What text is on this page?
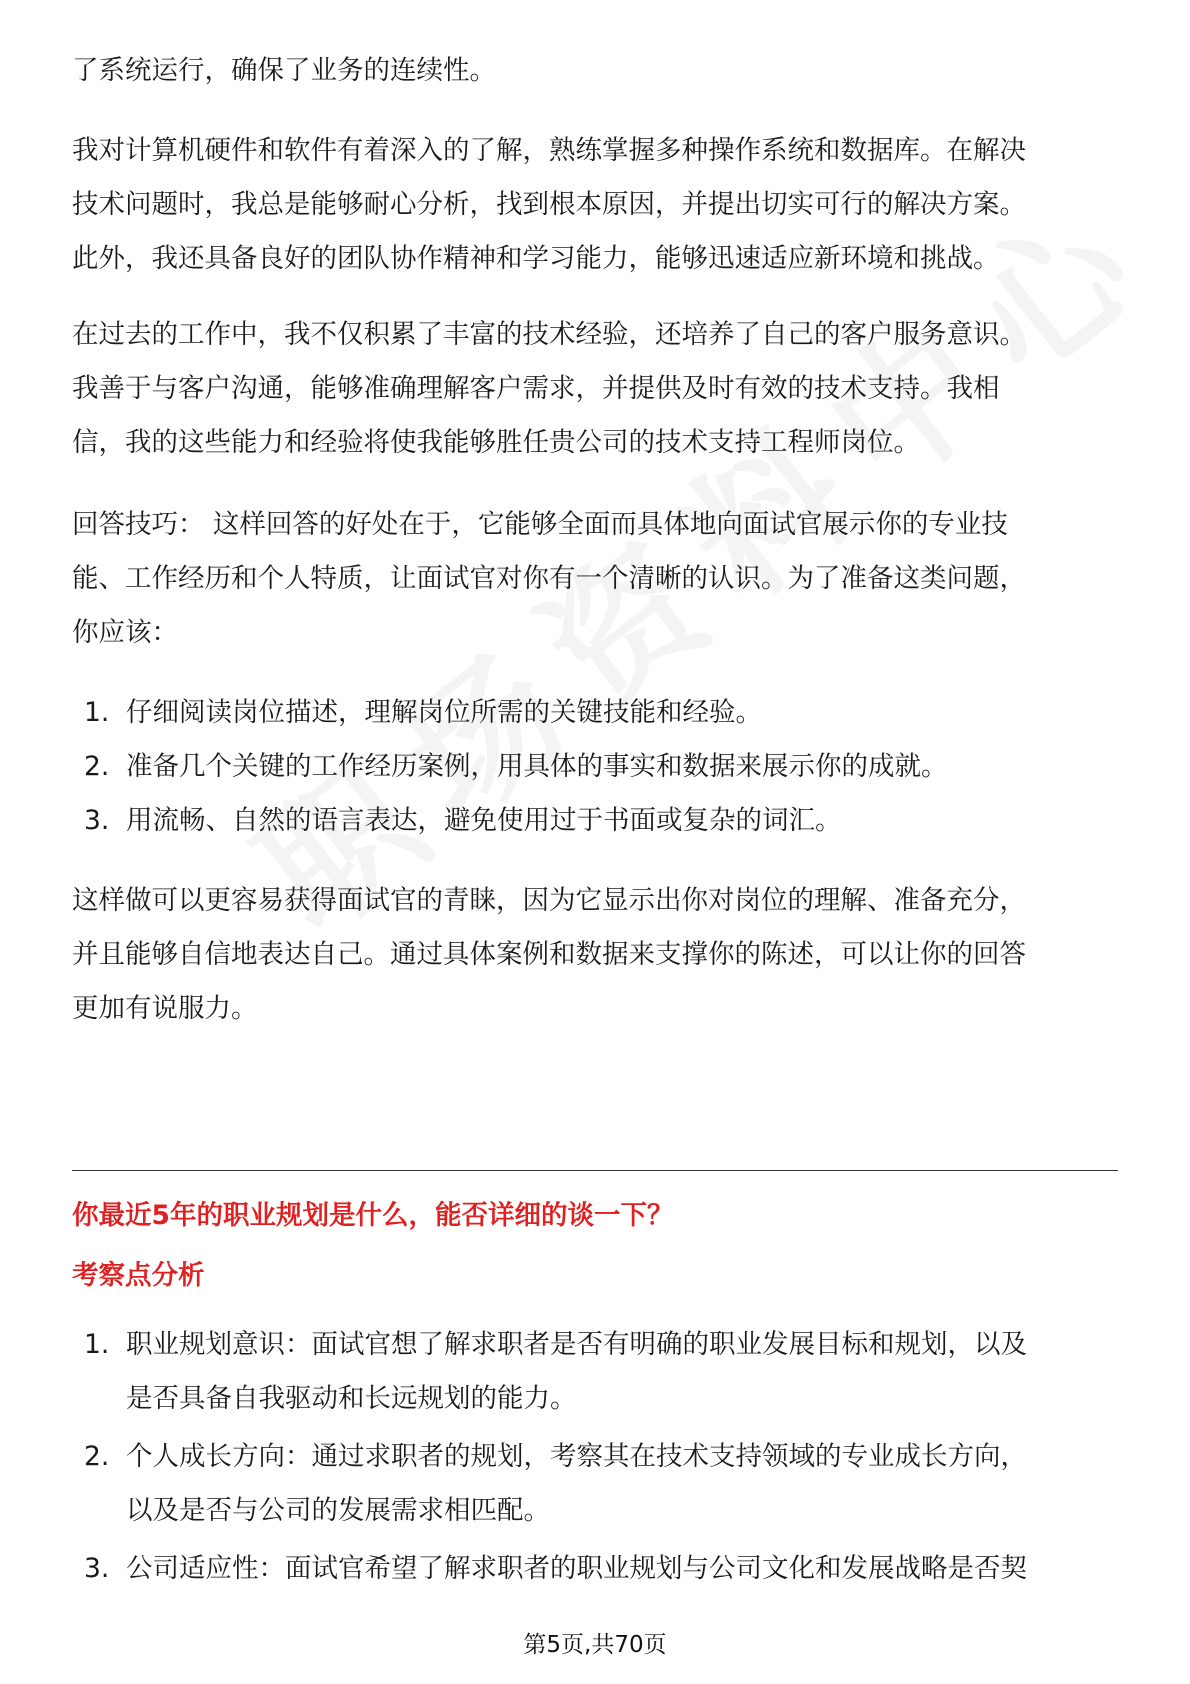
了系统运行，确保了业务的连续性。
我对计算机硬件和软件有着深入的了解，熟练掌握多种操作系统和数据库。在解决
技术问题时，我总是能够耐心分析，找到根本原因，并提出切实可行的解决方案。
此外，我还具备良好的团队协作精神和学习能力，能够迅速适应新环境和挑战。
在过去的工作中，我不仅积累了丰富的技术经验，还培养了自己的客户服务意识。
我善于与客户沟通，能够准确理解客户需求，并提供及时有效的技术支持。我相
信，我的这些能力和经验将使我能够胜任贵公司的技术支持工程师岗位。
回答技巧： 这样回答的好处在于，它能够全面而具体地向面试官展示你的专业技
能、工作经历和个人特质，让面试官对你有一个清晰的认识。为了准备这类问题，
你应该：
1. 仔细阅读岗位描述，理解岗位所需的关键技能和经验。
2. 准备几个关键的工作经历案例，用具体的事实和数据来展示你的成就。
3. 用流畅、自然的语言表达，避免使用过于书面或复杂的词汇。
这样做可以更容易获得面试官的青睐，因为它显示出你对岗位的理解、准备充分，
并且能够自信地表达自己。通过具体案例和数据来支撑你的陈述，可以让你的回答
更加有说服力。
你最近5年的职业规划是什么，能否详细的谈一下？
考察点分析
1. 职业规划意识：面试官想了解求职者是否有明确的职业发展目标和规划，以及
是否具备自我驱动和长远规划的能力。
2. 个人成长方向：通过求职者的规划，考察其在技术支持领域的专业成长方向，
以及是否与公司的发展需求相匹配。
3. 公司适应性：面试官希望了解求职者的职业规划与公司文化和发展战略是否契
第5页,共70页
